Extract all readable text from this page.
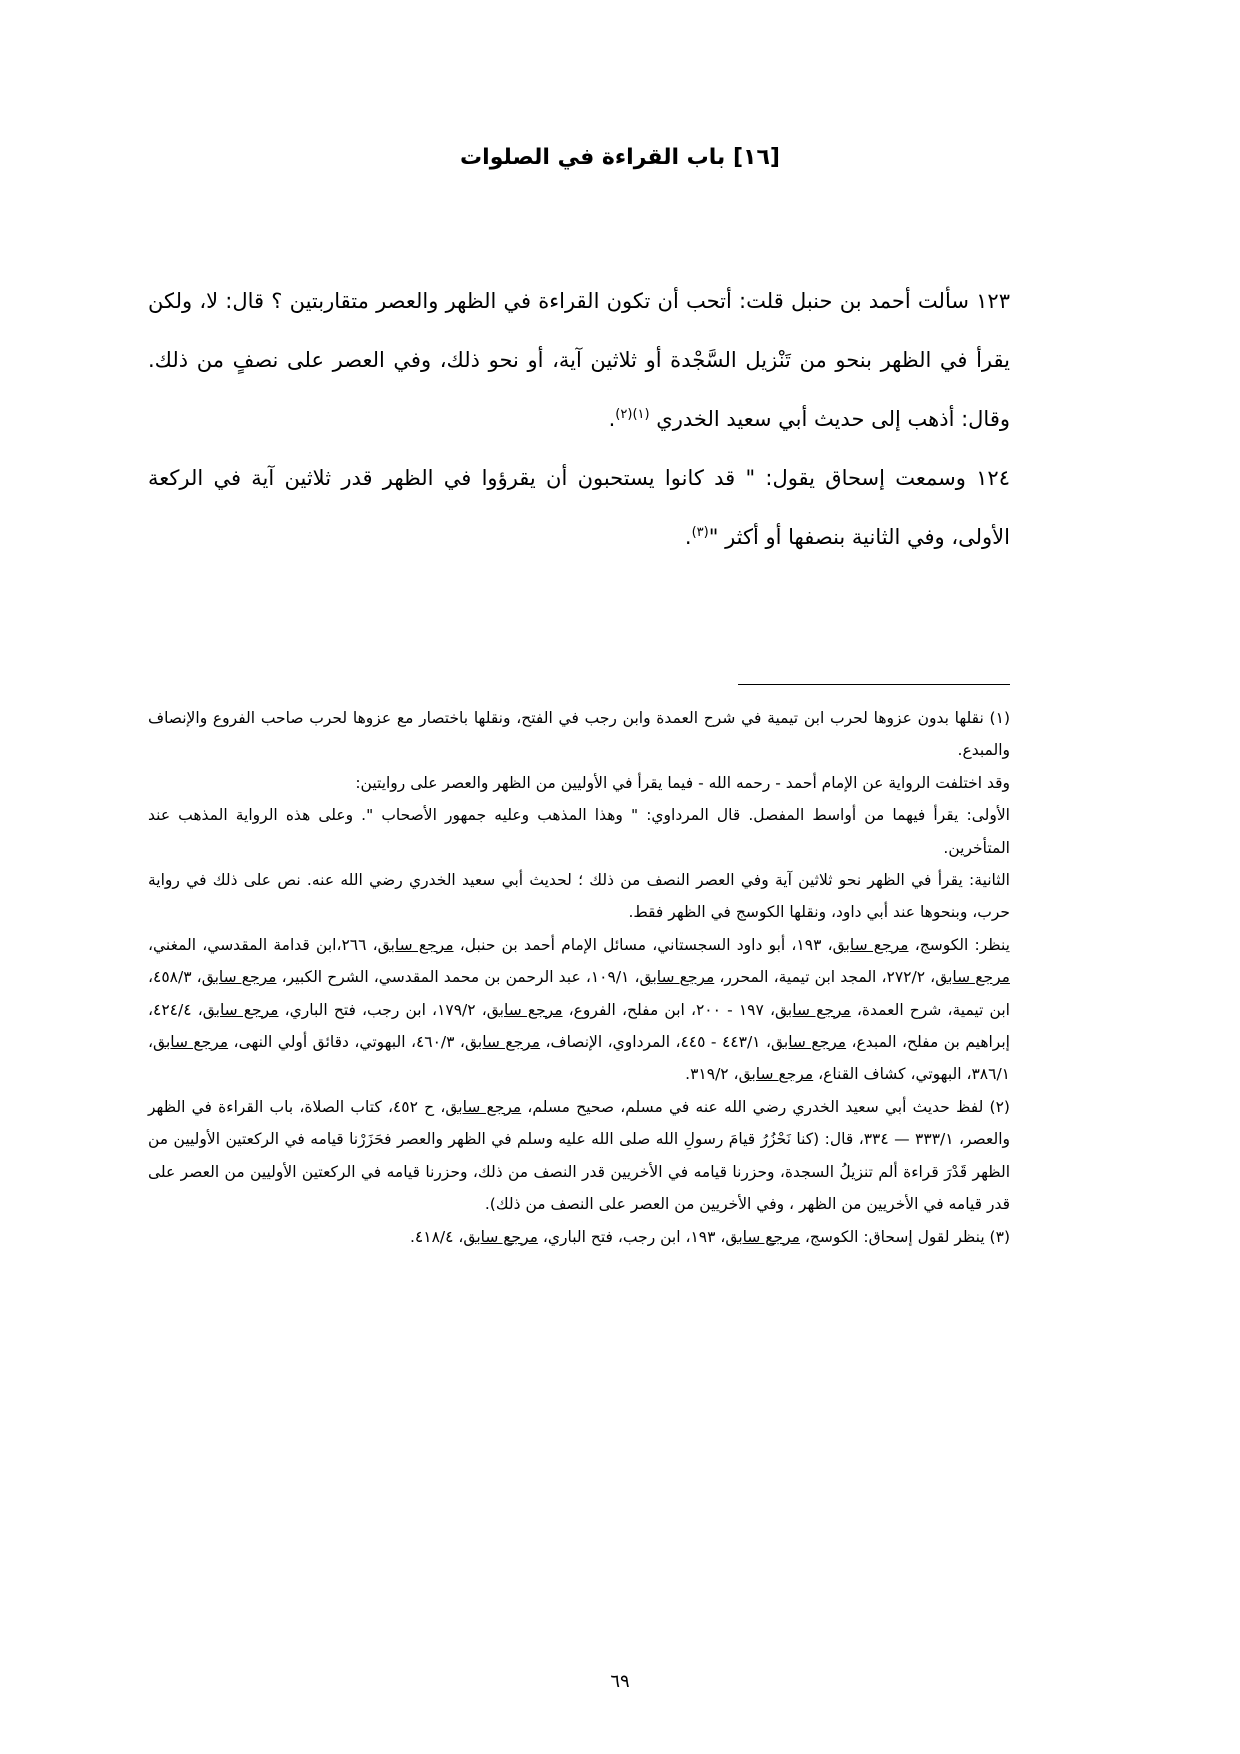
[١٦] باب القراءة في الصلوات

١٢٣ سألت أحمد بن حنبل قلت: أتحب أن تكون القراءة في الظهر والعصر متقاربتين ؟ قال: لا، ولكن يقرأ في الظهر بنحو من تَنْزيل السَّجْدة أو ثلاثين آية، أو نحو ذلك، وفي العصر على نصفٍ من ذلك. وقال: أذهب إلى حديث أبي سعيد الخدري $^{(١)(٢)}$.

١٢٤ وسمعت إسحاق يقول: " قد كانوا يستحبون أن يقرؤوا في الظهر قدر ثلاثين آية في الركعة الأولى، وفي الثانية بنصفها أو أكثر "$^{(٣)}$.

(١) نقلها بدون عزوها لحرب ابن تيمية في شرح العمدة وابن رجب في الفتح، ونقلها باختصار مع عزوها لحرب صاحب الفروع والإنصاف والمبدع.

وقد اختلفت الرواية عن الإمام أحمد - رحمه الله - فيما يقرأ في الأوليين من الظهر والعصر على روايتين:

الأولى: يقرأ فيهما من أواسط المفصل. قال المرداوي: " وهذا المذهب وعليه جمهور الأصحاب ". وعلى هذه الرواية المذهب عند المتأخرين.

الثانية: يقرأ في الظهر نحو ثلاثين آية وفي العصر النصف من ذلك ؛ لحديث أبي سعيد الخدري رضي الله عنه. نص على ذلك في رواية حرب، وبنحوها عند أبي داود، ونقلها الكوسج في الظهر فقط.

ينظر: الكوسج، مرجع سابق، ١٩٣، أبو داود السجستاني، مسائل الإمام أحمد بن حنبل، مرجع سابق، ٢٦٦،ابن قدامة المقدسي، المغني، مرجع سابق، ٢٧٢/٢، المجد ابن تيمية، المحرر، مرجع سابق، ١٠٩/١، عبد الرحمن بن محمد المقدسي، الشرح الكبير، مرجع سابق، ٤٥٨/٣، ابن تيمية، شرح العمدة، مرجع سابق، ١٩٧ - ٢٠٠، ابن مفلح، الفروع، مرجع سابق، ١٧٩/٢، ابن رجب، فتح الباري، مرجع سابق، ٤٢٤/٤، إبراهيم بن مفلح، المبدع، مرجع سابق، ٤٤٣/١ - ٤٤٥، المرداوي، الإنصاف، مرجع سابق، ٤٦٠/٣، البهوتي، دقائق أولي النهى، مرجع سابق، ٣٨٦/١، البهوتي، كشاف القناع، مرجع سابق، ٣١٩/٢.

(٢) لفظ حديث أبي سعيد الخدري رضي الله عنه في مسلم، صحيح مسلم، مرجع سابق، ح ٤٥٢، كتاب الصلاة، باب القراءة في الظهر والعصر، ٣٣٣/١ — ٣٣٤، قال: (كنا نَحْزُرُ قيامَ رسولِ الله صلى الله عليه وسلم في الظهر والعصر فحَزَرْنا قيامه في الركعتين الأوليين من الظهر قَدْرَ قراءة ألم تنزيلُ السجدة، وحزرنا قيامه في الأخريين قدر النصف من ذلك، وحزرنا قيامه في الركعتين الأوليين من العصر على قدر قيامه في الأخريين من الظهر ، وفي الأخريين من العصر على النصف من ذلك).

(٣) ينظر لقول إسحاق: الكوسج، مرجع سابق، ١٩٣، ابن رجب، فتح الباري، مرجع سابق، ٤١٨/٤.

٦٩
